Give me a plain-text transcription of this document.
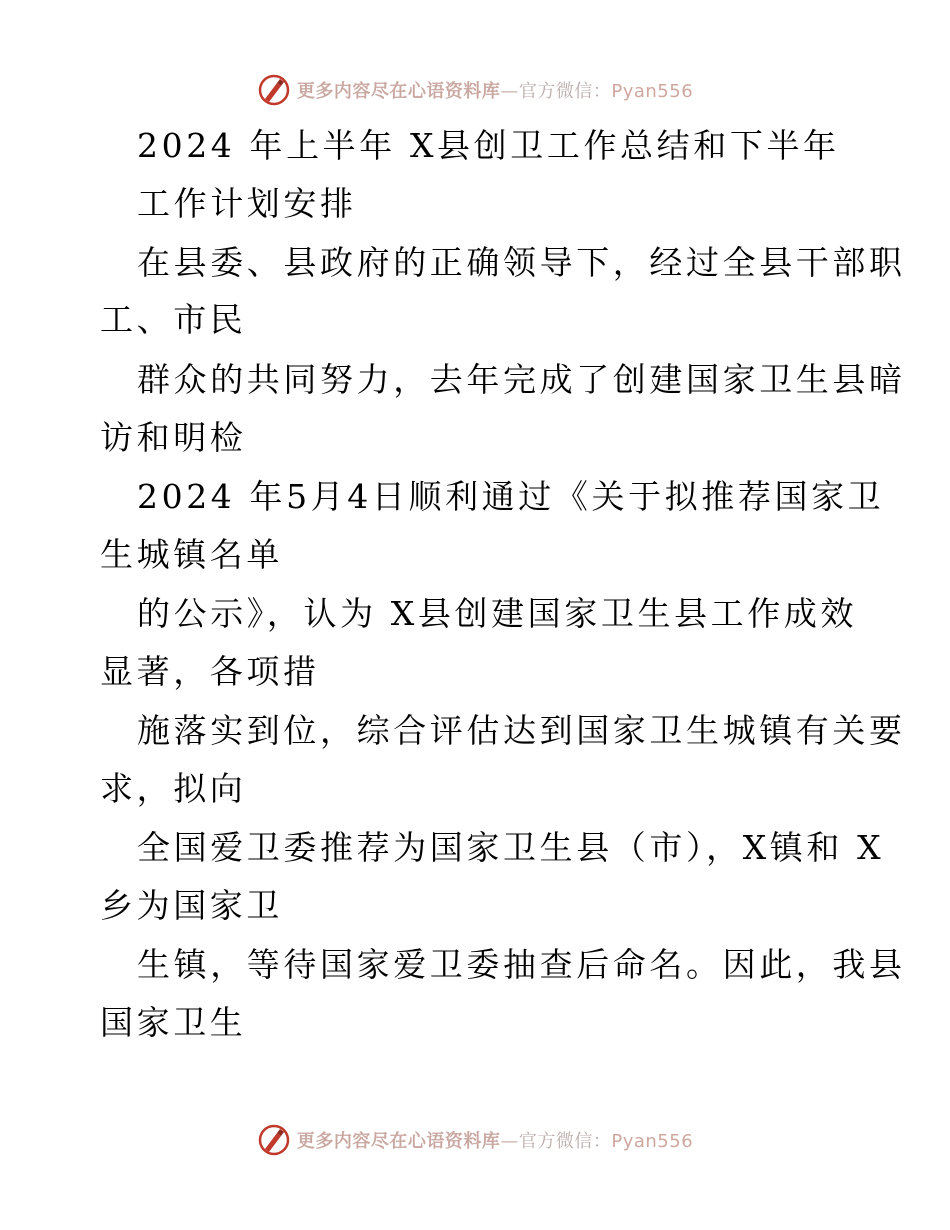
更多内容尽在心语资料库—官方微信：Pyan556
2024 年上半年 X县创卫工作总结和下半年
工作计划安排
在县委、县政府的正确领导下，经过全县干部职
工、市民
群众的共同努力，去年完成了创建国家卫生县暗
访和明检
2024 年5月4日顺利通过《关于拟推荐国家卫
生城镇名单
的公示》，认为 X县创建国家卫生县工作成效
显著，各项措
施落实到位，综合评估达到国家卫生城镇有关要
求，拟向
全国爱卫委推荐为国家卫生县（市），X镇和 X
乡为国家卫
生镇，等待国家爱卫委抽查后命名。因此，我县
国家卫生
更多内容尽在心语资料库—官方微信：Pyan556
